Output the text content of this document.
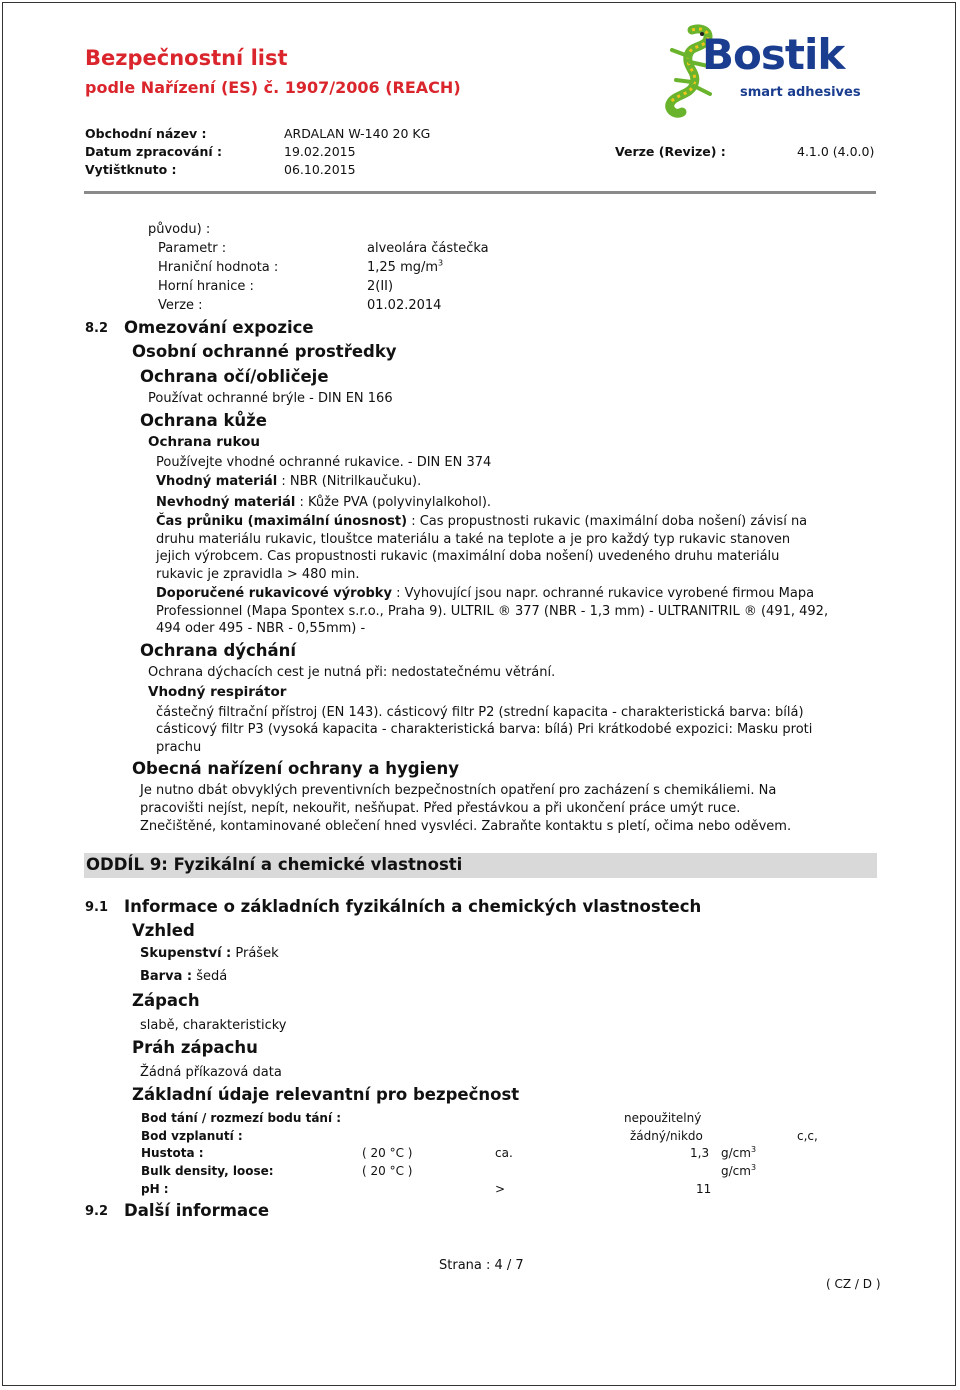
Bezpečnostní list
podle Nařízení (ES) č. 1907/2006 (REACH)
Bostik
smart adhesives
Obchodní název :	ARDALAN W-140 20 KG
Datum zpracování :	19.02.2015	Verze (Revize) :	4.1.0 (4.0.0)
Vytištknuto :	06.10.2015
původu) :
Parametr :	alveolára částečka
Hraniční hodnota :	1,25 $mg/m^3$
Horní hranice :	2(II)
Verze :	01.02.2014
8.2 Omezování expozice
Osobní ochranné prostředky
Ochrana očí/obličeje
Používat ochranné brýle - DIN EN 166
Ochrana kůže
Ochrana rukou
Používejte vhodné ochranné rukavice. - DIN EN 374
Vhodný materiál : NBR (Nitrilkaučuku).
Nevhodný materiál : Kůže PVA (polyvinylalkohol).
Čas průniku (maximální únosnost) : Cas propustnosti rukavic (maximální doba nošení) závisí na
druhu materiálu rukavic, tlouštce materiálu a také na teplote a je pro každý typ rukavic stanoven
jejich výrobcem. Cas propustnosti rukavic (maximální doba nošení) uvedeného druhu materiálu
rukavic je zpravidla > 480 min.
Doporučené rukavicové výrobky : Vyhovující jsou napr. ochranné rukavice vyrobené firmou Mapa
Professionnel (Mapa Spontex s.r.o., Praha 9). ULTRIL ® 377 (NBR - 1,3 mm) - ULTRANITRIL ® (491, 492,
494 oder 495 - NBR - 0,55mm) -
Ochrana dýchání
Ochrana dýchacích cest je nutná při: nedostatečnému větrání.
Vhodný respirátor
částečný filtrační přístroj (EN 143). cásticový filtr P2 (strední kapacita - charakteristická barva: bílá)
cásticový filtr P3 (vysoká kapacita - charakteristická barva: bílá) Pri krátkodobé expozici: Masku proti
prachu
Obecná nařízení ochrany a hygieny
Je nutno dbát obvyklých preventivních bezpečnostních opatření pro zacházení s chemikáliemi. Na
pracovišti nejíst, nepít, nekouřit, nešňupat. Před přestávkou a při ukončení práce umýt ruce.
Znečištěné, kontaminované oblečení hned vysvléci. Zabraňte kontaktu s pletí, očima nebo oděvem.
ODDÍL 9: Fyzikální a chemické vlastnosti
9.1 Informace o základních fyzikálních a chemických vlastnostech
Vzhled
Skupenství : Prášek
Barva : šedá
Zápach
slabě, charakteristicky
Práh zápachu
Žádná příkazová data
Základní údaje relevantní pro bezpečnost
Bod tání / rozmezí bodu tání :	nepoužitelný
Bod vzplanutí :	žádný/nikdo	c,c,
Hustota :	( 20 °C )	ca.	1,3 $g/cm^3$
Bulk density, loose:	( 20 °C )	$g/cm^3$
pH :	>	11
9.2 Další informace
Strana : 4 / 7
( CZ / D )
